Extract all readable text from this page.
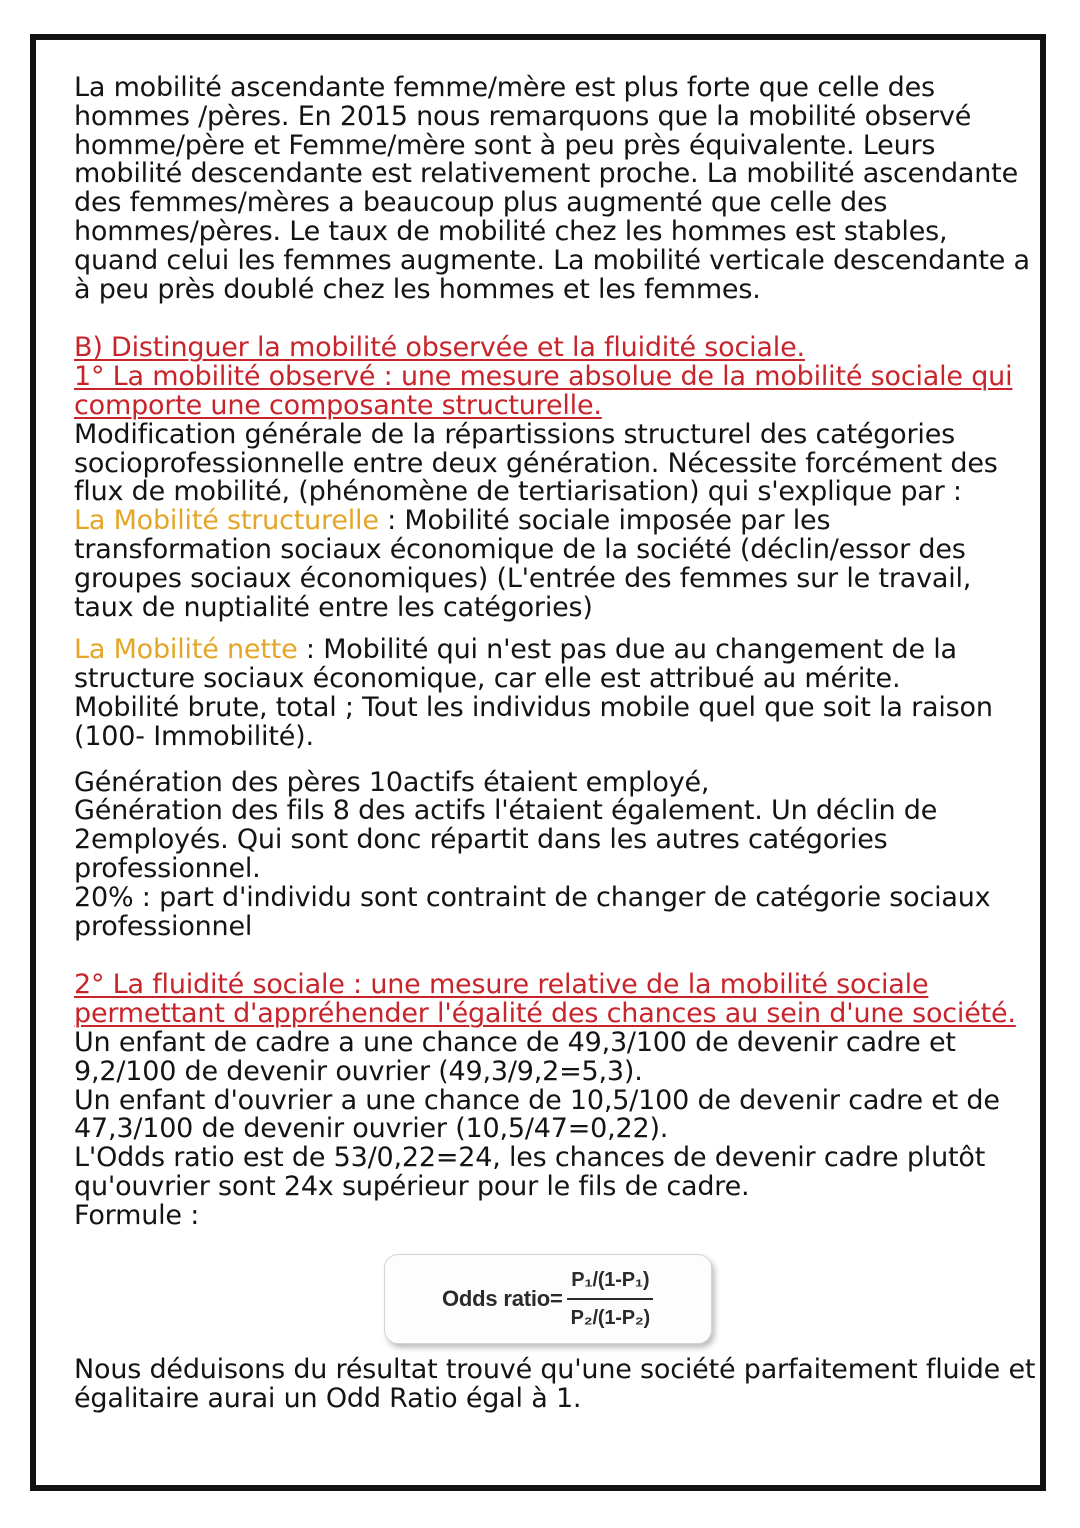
La mobilité ascendante femme/mère est plus forte que celle des hommes /pères. En 2015 nous remarquons que la mobilité observé homme/père et Femme/mère sont à peu près équivalente. Leurs mobilité descendante est relativement proche. La mobilité ascendante des femmes/mères a beaucoup plus augmenté que celle des hommes/pères. Le taux de mobilité chez les hommes est stables, quand celui les femmes augmente. La mobilité verticale descendante a à peu près doublé chez les hommes et les femmes.

B) Distinguer la mobilité observée et la fluidité sociale.

1° La mobilité observé : une mesure absolue de la mobilité sociale qui comporte une composante structurelle.

Modification générale de la répartissions structurel des catégories socioprofessionnelle entre deux génération. Nécessite forcément des flux de mobilité, (phénomène de tertiarisation) qui s'explique par :

La Mobilité structurelle : Mobilité sociale imposée par les transformation sociaux économique de la société (déclin/essor des groupes sociaux économiques) (L'entrée des femmes sur le travail, taux de nuptialité entre les catégories)

La Mobilité nette : Mobilité qui n'est pas due au changement de la structure sociaux économique, car elle est attribué au mérite.

Mobilité brute, total ; Tout les individus mobile quel que soit la raison (100- Immobilité).

Génération des pères 10actifs étaient employé,

Génération des fils 8 des actifs l'étaient également. Un déclin de 2employés. Qui sont donc répartit dans les autres catégories professionnel.

20% : part d'individu sont contraint de changer de catégorie sociaux professionnel

2° La fluidité sociale : une mesure relative de la mobilité sociale permettant d'appréhender l'égalité des chances au sein d'une société.

Un enfant de cadre a une chance de 49,3/100 de devenir cadre et 9,2/100 de devenir ouvrier (49,3/9,2=5,3).

Un enfant d'ouvrier a une chance de 10,5/100 de devenir cadre et de 47,3/100 de devenir ouvrier (10,5/47=0,22).

L'Odds ratio est de 53/0,22=24, les chances de devenir cadre plutôt qu'ouvrier sont 24x supérieur pour le fils de cadre.

Formule :

Odds ratio= $\frac{\text{P₁/(1-P₁)}}{\text{P₂/(1-P₂)}}$

Nous déduisons du résultat trouvé qu'une société parfaitement fluide et égalitaire aurai un Odd Ratio égal à 1.
